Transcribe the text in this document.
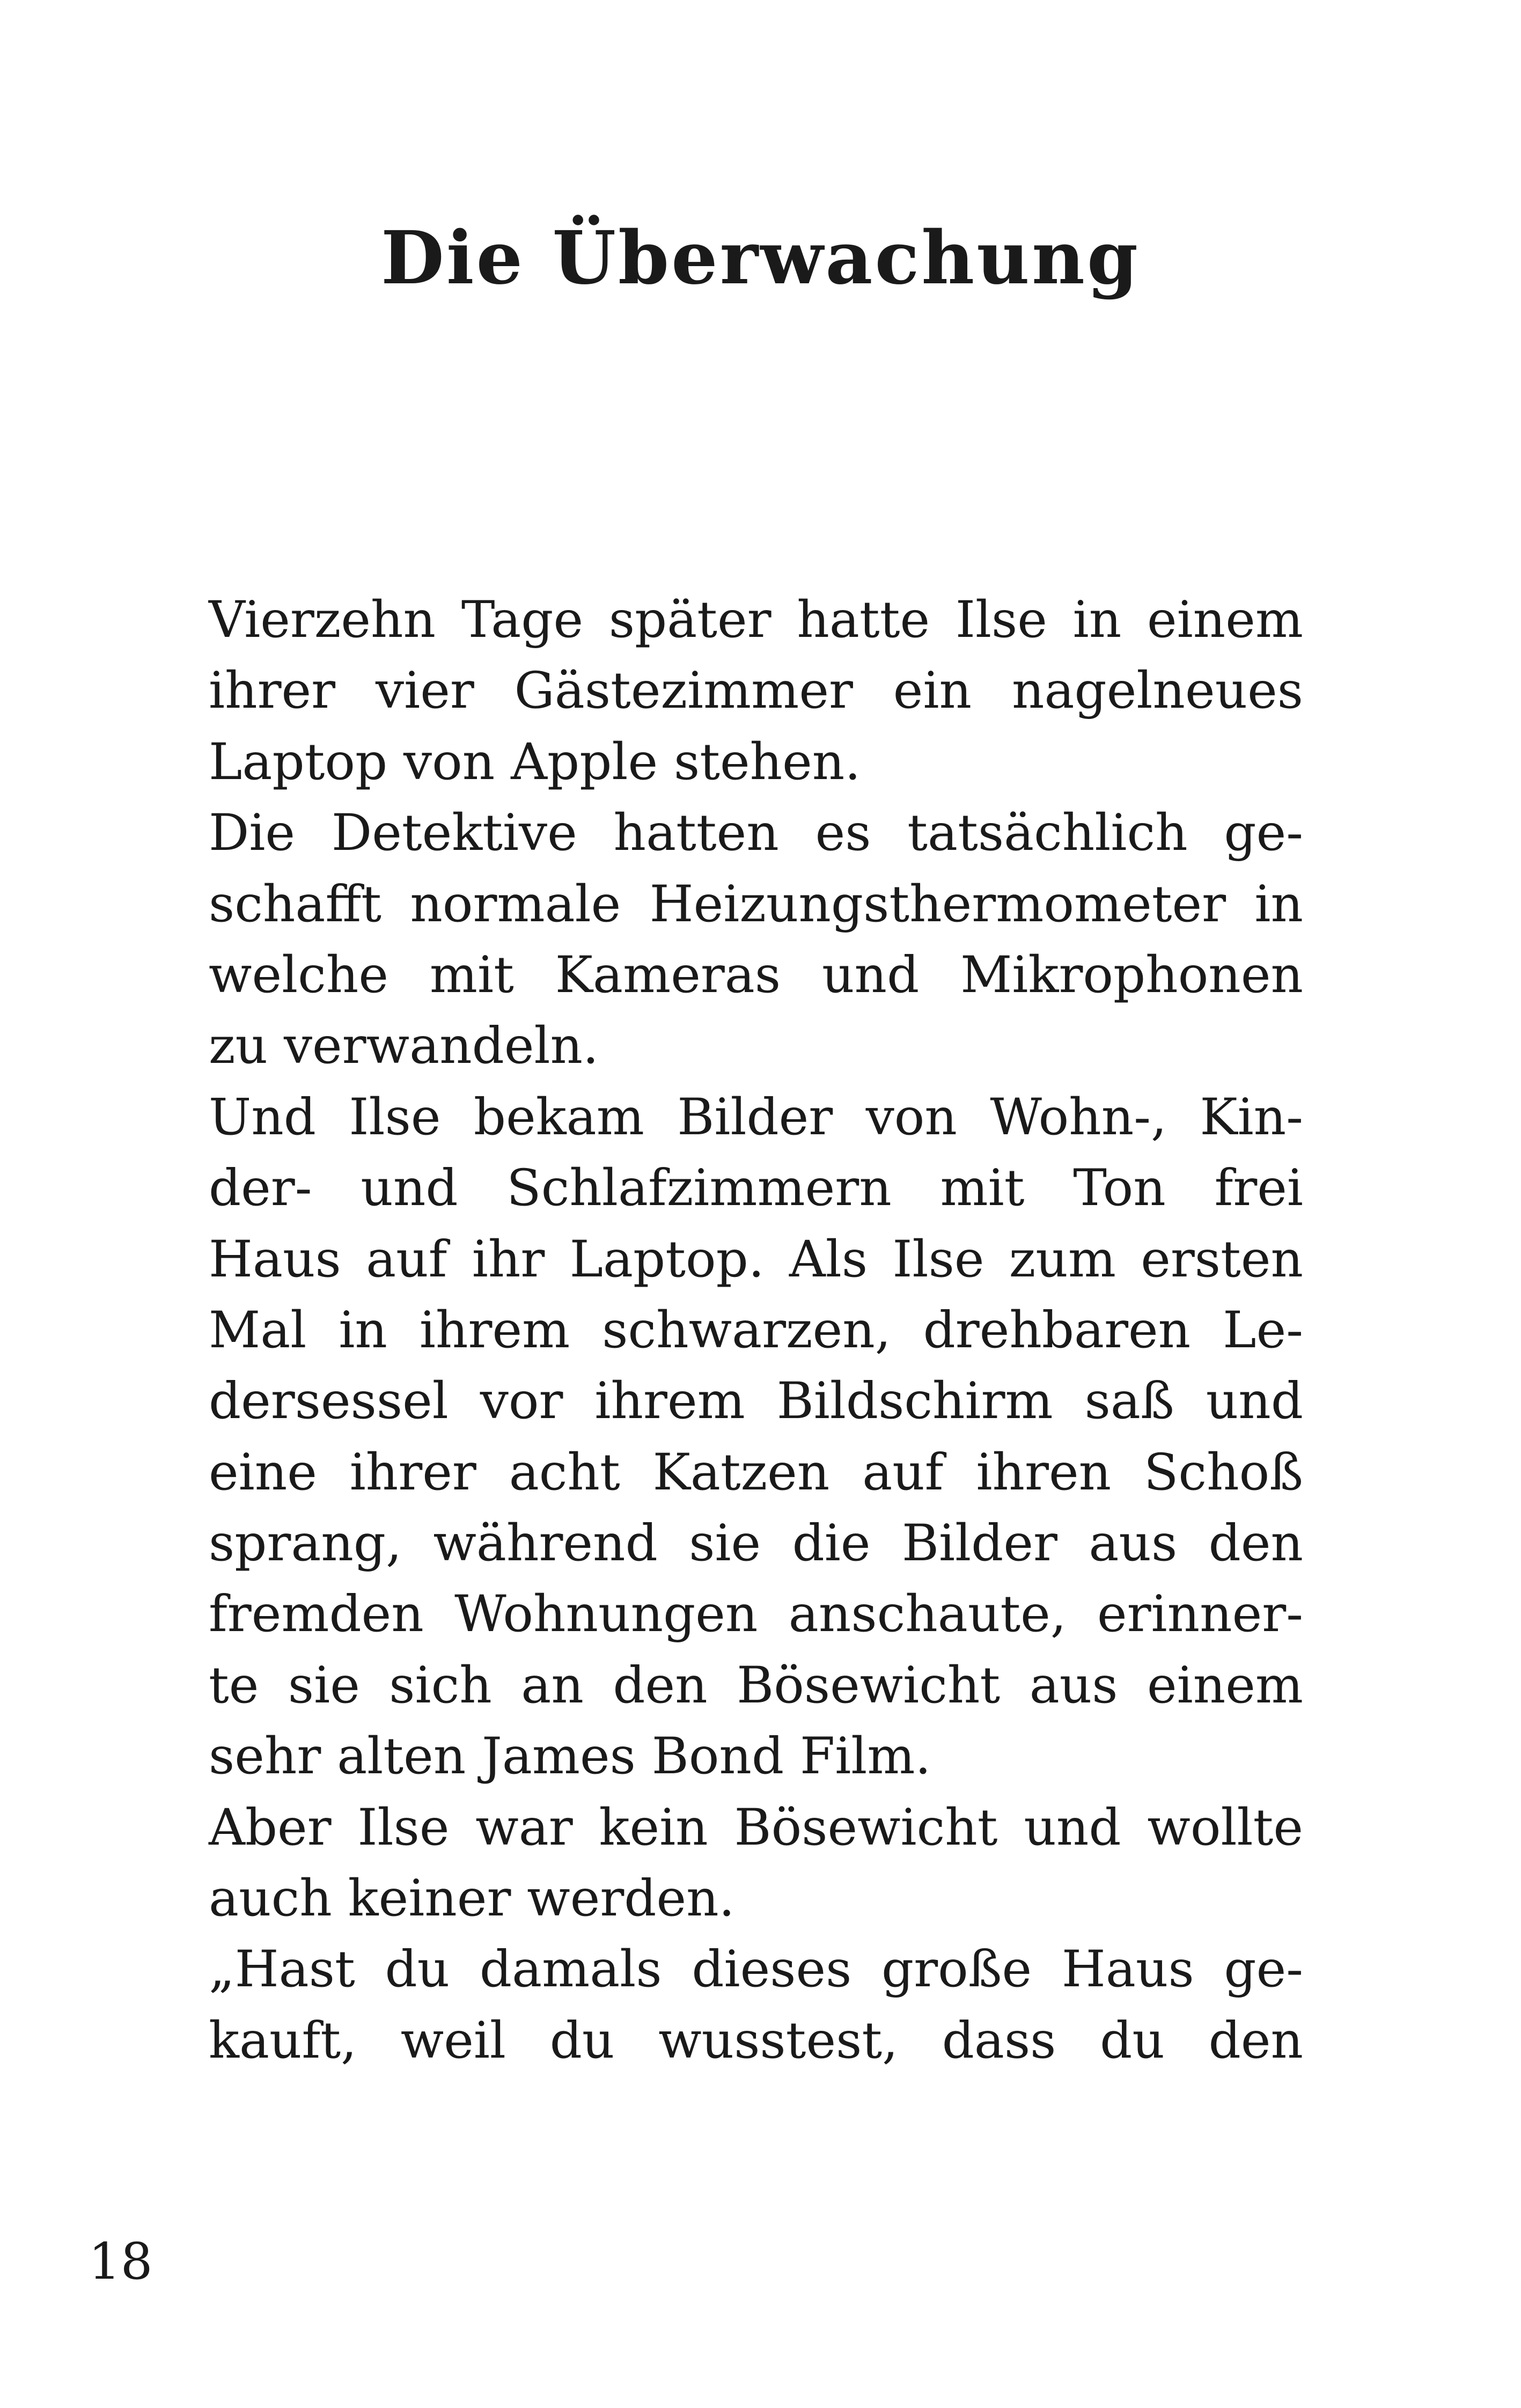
Die Überwachung
Vierzehn Tage später hatte Ilse in einem
ihrer vier Gästezimmer ein nagelneues
Laptop von Apple stehen.
Die Detektive hatten es tatsächlich ge-
schafft normale Heizungsthermometer in
welche mit Kameras und Mikrophonen
zu verwandeln.
Und Ilse bekam Bilder von Wohn-, Kin-
der- und Schlafzimmern mit Ton frei
Haus auf ihr Laptop. Als Ilse zum ersten
Mal in ihrem schwarzen, drehbaren Le-
dersessel vor ihrem Bildschirm saß und
eine ihrer acht Katzen auf ihren Schoß
sprang, während sie die Bilder aus den
fremden Wohnungen anschaute, erinner-
te sie sich an den Bösewicht aus einem
sehr alten James Bond Film.
Aber Ilse war kein Bösewicht und wollte
auch keiner werden.
„Hast du damals dieses große Haus ge-
kauft, weil du wusstest, dass du den
18
